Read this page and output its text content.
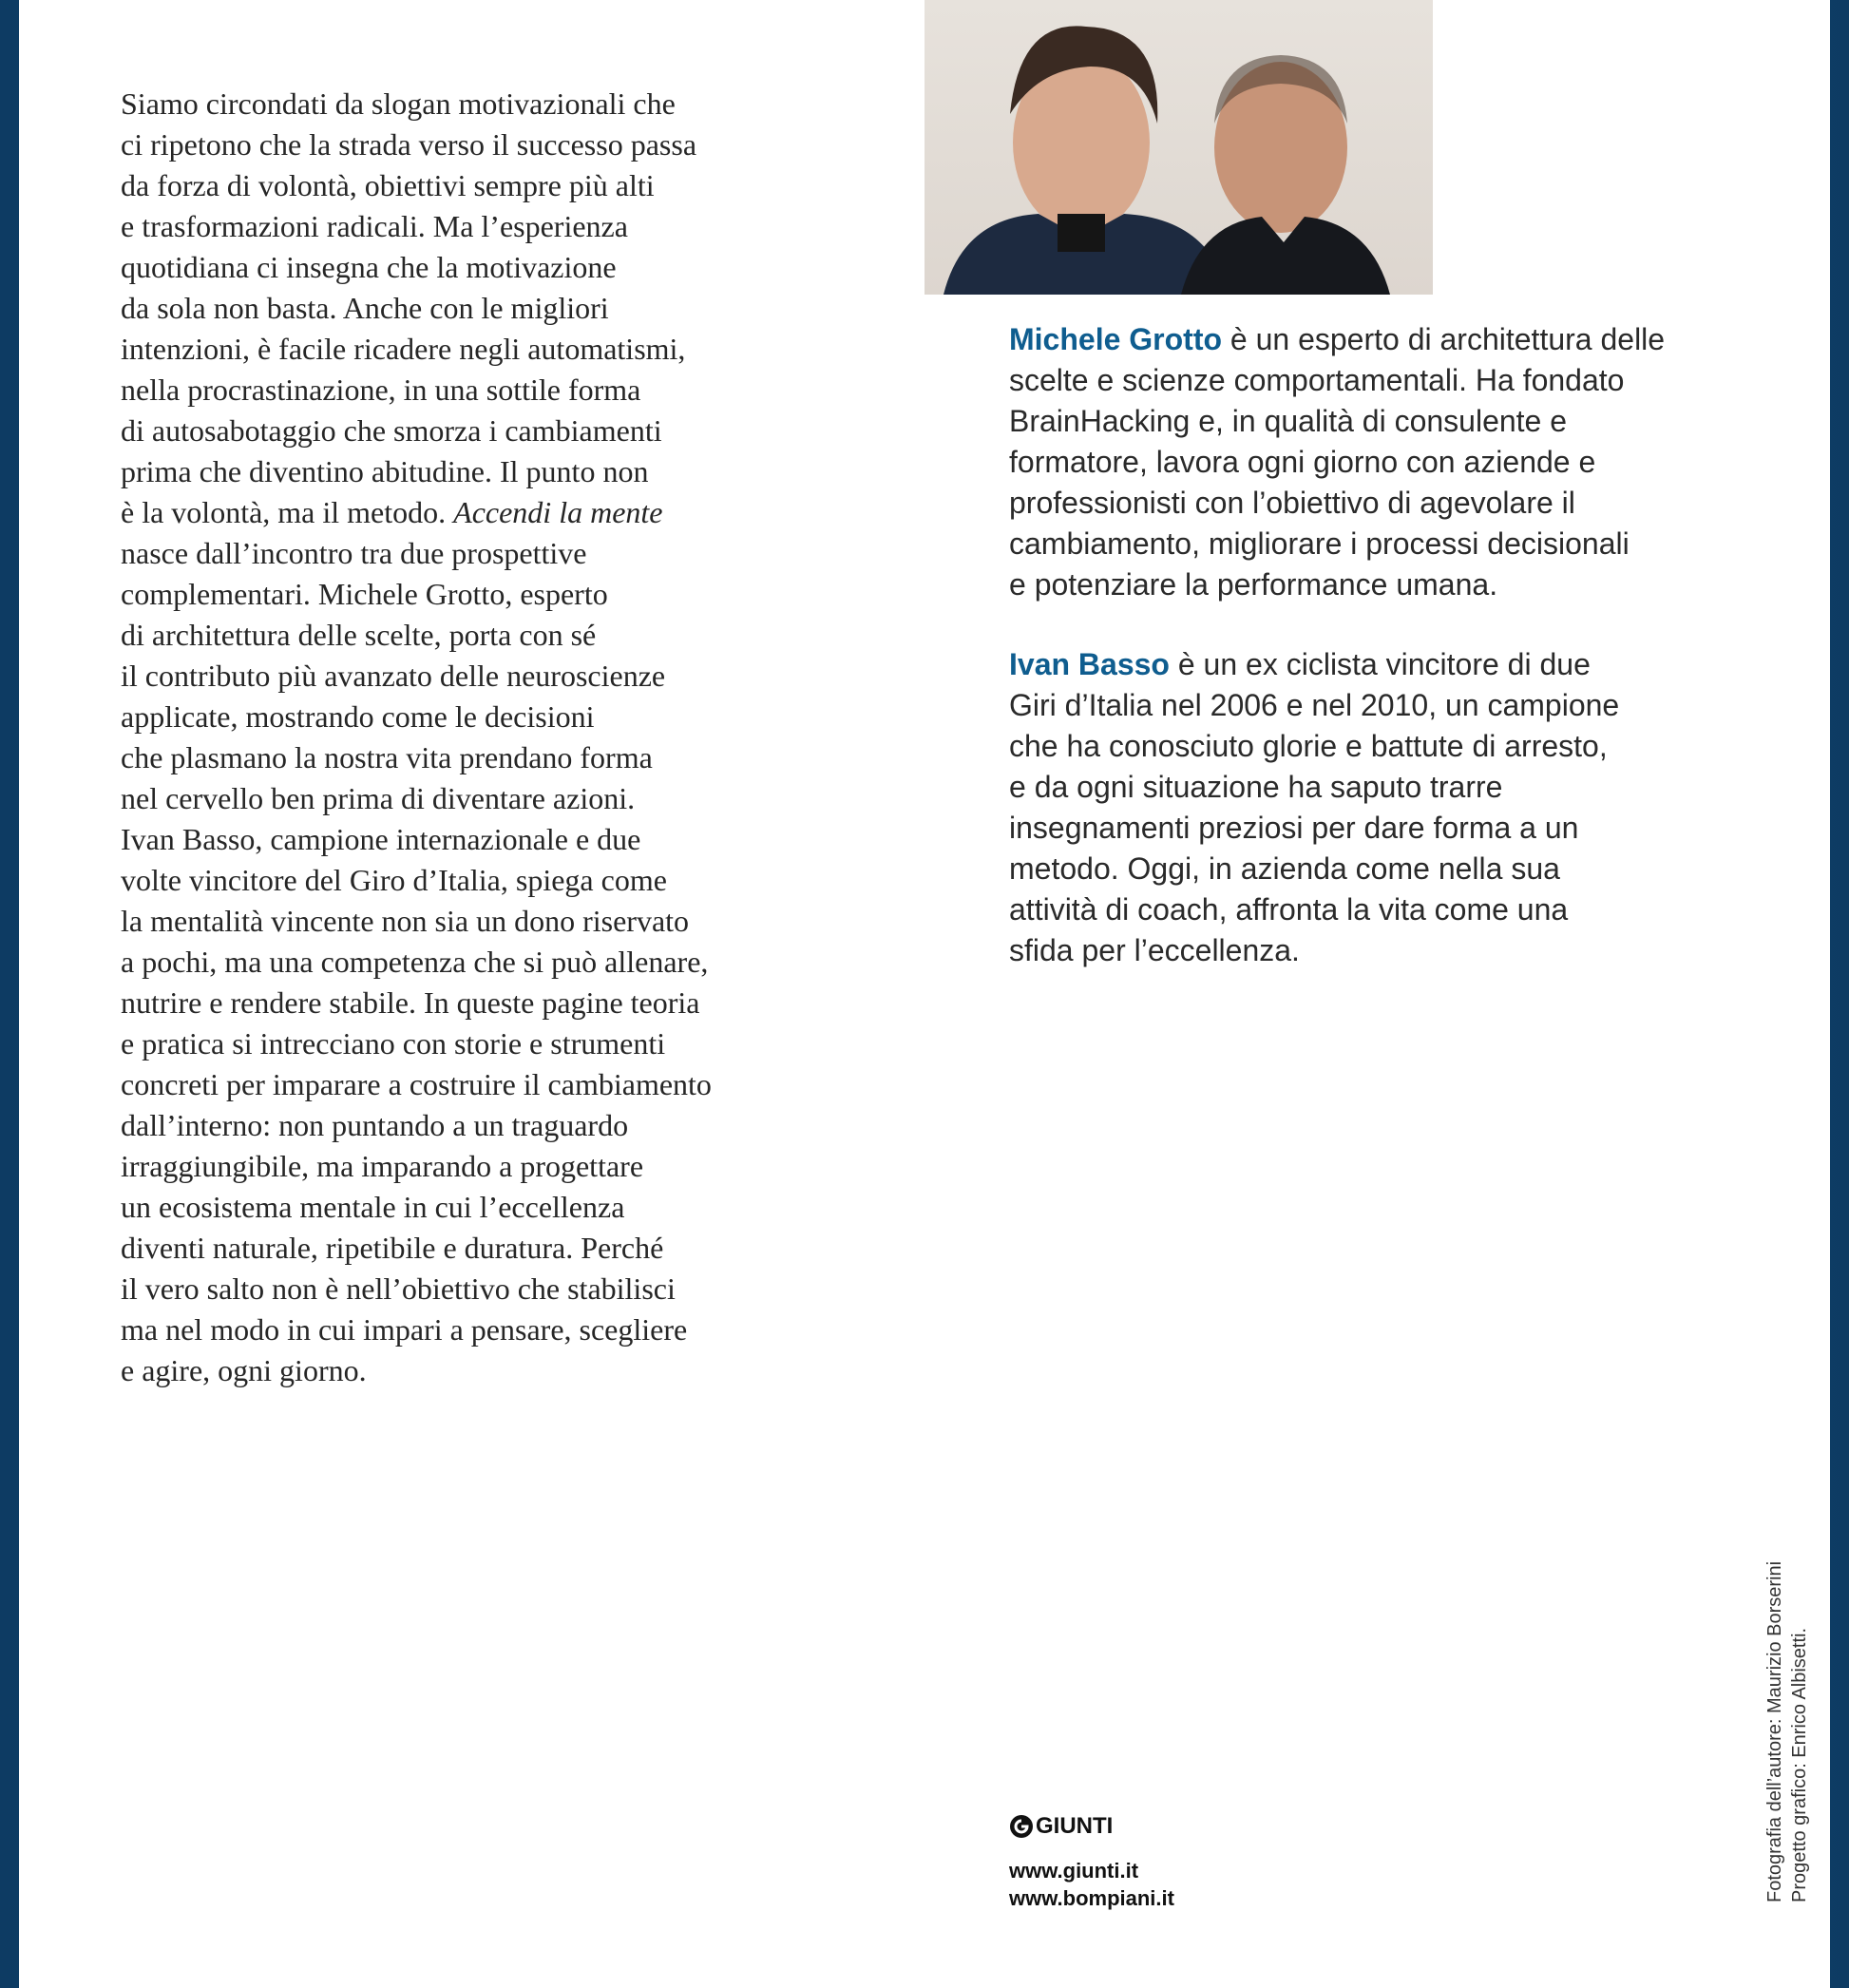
Siamo circondati da slogan motivazionali che
ci ripetono che la strada verso il successo passa
da forza di volontà, obiettivi sempre più alti
e trasformazioni radicali. Ma l’esperienza
quotidiana ci insegna che la motivazione
da sola non basta. Anche con le migliori
intenzioni, è facile ricadere negli automatismi,
nella procrastinazione, in una sottile forma
di autosabotaggio che smorza i cambiamenti
prima che diventino abitudine. Il punto non
è la volontà, ma il metodo. Accendi la mente
nasce dall’incontro tra due prospettive
complementari. Michele Grotto, esperto
di architettura delle scelte, porta con sé
il contributo più avanzato delle neuroscienze
applicate, mostrando come le decisioni
che plasmano la nostra vita prendano forma
nel cervello ben prima di diventare azioni.
Ivan Basso, campione internazionale e due
volte vincitore del Giro d’Italia, spiega come
la mentalità vincente non sia un dono riservato
a pochi, ma una competenza che si può allenare,
nutrire e rendere stabile. In queste pagine teoria
e pratica si intrecciano con storie e strumenti
concreti per imparare a costruire il cambiamento
dall’interno: non puntando a un traguardo
irraggiungibile, ma imparando a progettare
un ecosistema mentale in cui l’eccellenza
diventi naturale, ripetibile e duratura. Perché
il vero salto non è nell’obiettivo che stabilisci
ma nel modo in cui impari a pensare, scegliere
e agire, ogni giorno.
Michele Grotto è un esperto di architettura delle
scelte e scienze comportamentali. Ha fondato
BrainHacking e, in qualità di consulente e
formatore, lavora ogni giorno con aziende e
professionisti con l’obiettivo di agevolare il
cambiamento, migliorare i processi decisionali
e potenziare la performance umana.
Ivan Basso è un ex ciclista vincitore di due
Giri d’Italia nel 2006 e nel 2010, un campione
che ha conosciuto glorie e battute di arresto,
e da ogni situazione ha saputo trarre
insegnamenti preziosi per dare forma a un
metodo. Oggi, in azienda come nella sua
attività di coach, affronta la vita come una
sfida per l’eccellenza.
GIUNTI
www.giunti.it
www.bompiani.it	Fotografia dell’autore: Maurizio Borserini Progetto grafico: Enrico Albisetti.
